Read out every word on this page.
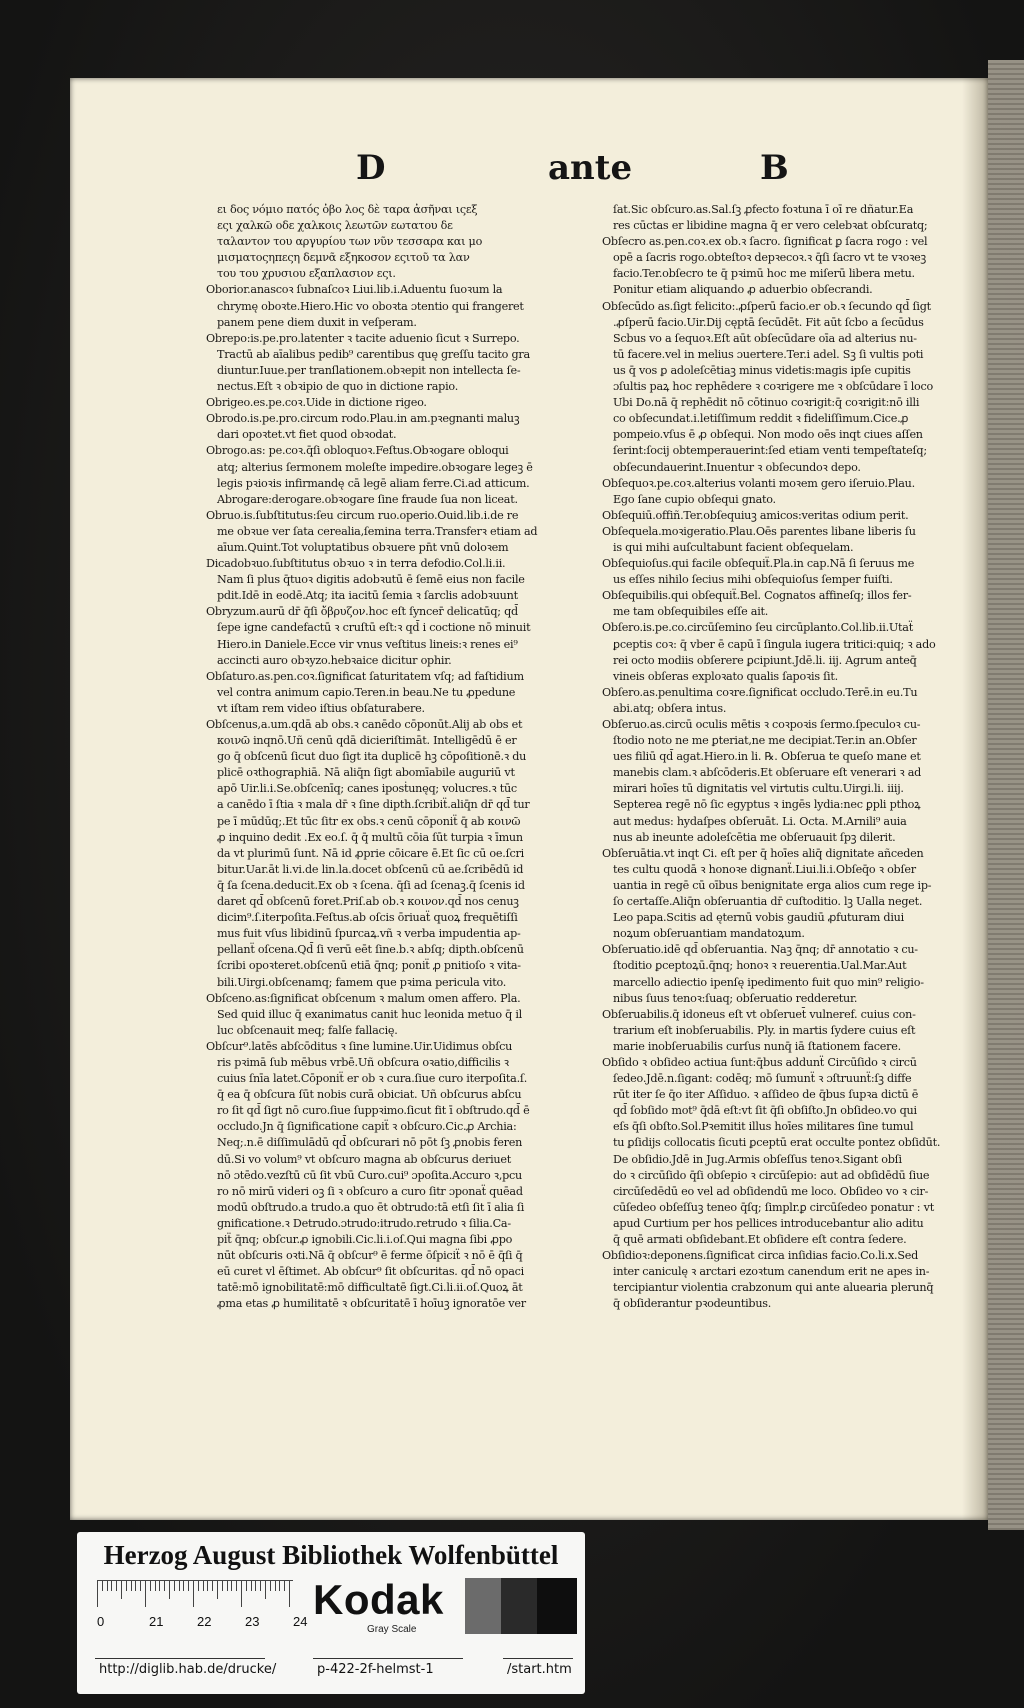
D	ante	B

ει δος νόμιο πατός ὀβο λος δὲ ταρα ἀσῆναι ιςεξ

εςι χαλκῶ οδε χαλκοις λεωτῶν εωτατου δε

ταλαντον του αργυρίου των νῦν τεσσαρα και μο

μισματοςηπεςη δεμνᾶ εξηκοσον εςιτοῦ τα λαν

του του χρυσιου εξαπλασιον εςι.

Oborior.anascoꝛ ſubnaſcoꝛ Liui.lib.i.Aduentu ſuoꝛum la

chrymę oboꝛte.Hiero.Hic vo oboꝛta ɔtentio qui frangeret

panem pene diem duxit in veſperam.

Obrepo:is.pe.pro.latenter ꝛ tacite aduenio ſicut ꝛ Surrepo.

Tractū ab aīalibus pedib⁹ carentibus quę greſſu tacito gra

diuntur.Iuue.per tranſlationem.obꝛepit non intellecta ſe-

nectus.Eſt ꝛ obꝛipio de quo in dictione rapio.

Obrigeo.es.pe.coꝛ.Uide in dictione rigeo.

Obrodo.is.pe.pro.circum rodo.Plau.in am.pꝛegnanti maluꝫ

dari opoꝛtet.vt fiet quod obꝛodat.

Obrogo.as: pe.coꝛ.q̄ſi obloquoꝛ.Feſtus.Obꝛogare obloqui

atq; alterius ſermonem moleſte impedire.obꝛogare legeꝫ ē

legis pꝛioꝛis infirmandę cā legē aliam ferre.Ci.ad atticum.

Abrogare:derogare.obꝛogare ſine fraude ſua non liceat.

Obruo.is.ſubſtitutus:ſeu circum ruo.operio.Ouid.lib.i.de re

me obꝛue ver ſata cerealia,ſemina terra.Transferꝛ etiam ad

aīum.Quint.Tot voluptatibus obꝛuere pn̄t vnū doloꝛem

Dicadobꝛuo.ſubſtitutus obꝛuo ꝛ in terra defodio.Col.li.ii.

Nam ſi plus q̄tuoꝛ digitis adobꝛutū ē ſemē eius non facile

pdit.Idē in eodē.Atq; ita iacitū ſemia ꝛ ſarclis adobꝛuunt

Obryzum.aurū dr̄ q̄ſi ὄβρυζον.hoc eſt ſyncer̄ delicatūq; qd̄

ſepe igne candefactū ꝛ cruſtū eſt:ꝛ qd̄ i coctione nō minuit

Hiero.in Daniele.Ecce vir vnus veſtitus lineis:ꝛ renes ei⁹

accincti auro obꝛyzo.hebꝛaice dicitur ophir.

Obſaturo.as.pen.coꝛ.ſignificat ſaturitatem vſq; ad faſtidium

vel contra animum capio.Teren.in beau.Ne tu ꝓpedune

vt iſtam rem video iſtius obſaturabere.

Obſcenus,a.um.qdā ab obs.ꝛ canēdo cōponūt.Alij ab obs et

κοινῶ inqnō.Uñ cenū qdā dicieriſtimāt. Intelligēdū ē er

go q̄ obſcenū ſicut duo ſigt ita duplicē hꝫ cōpoſitionē.ꝛ du

plicē oꝛthographiā. Nā aliq̄n ſigt abomīabile auguriū vt

apō Uir.li.i.Se.obſcenīq; canes iposṫunęq; volucres.ꝛ tūc

a canēdo ī ſtia ꝛ mala dr̄ ꝛ ſine dipth.ſcribiẗ.aliq̄n dr̄ qd̄ tur

pe ī mūdūq;.Et tūc ſitr ex obs.ꝛ cenū cōponiẗ q̄ ab κοινῶ

ꝓ inquino dedit .Ex eo.ſ. q̄ q̄ multū cōia ſūt turpia ꝛ īmun

da vt plurimū ſunt. Nā id ꝓprie cōicare ē.Et ſic cū oe.ſcri

bitur.Uar.āt li.vi.de lin.la.docet obſcenū cū ae.ſcribēdū id

q̄ ſa ſcena.deducit.Ex ob ꝛ ſcena. q̄ſi ad ſcenaꝫ.q̄ ſcenis id

daret qd̄ obſcenū foret.Priſ.ab ob.ꝛ κοινον.qd̄ nos cenuꝫ

dicim⁹.ſ.iterpoſita.Feſtus.ab oſcis ōriuaẗ quoꝝ frequētiſſi

mus fuit vſus libidinū ſpurcaꝝ.vñ ꝛ verba impudentia ap-

pellanẗ oſcena.Qd̄ ſi verū eēt ſine.b.ꝛ abſq; dipth.obſcenū

ſcribi opoꝛteret.obſcenū etiā q̄nq; poniẗ ꝓ pnitioſo ꝛ vita-

bili.Uirgi.obſcenamq; famem que pꝛima pericula vito.

Obſceno.as:ſignificat obſcenum ꝛ malum omen affero. Pla.

Sed quid illuc q̄ exanimatus canit huc leonida metuo q̄ il

luc obſcenauit meq; falſe fallacię.

Obſcur⁹.latēs abſcōditus ꝛ ſine lumine.Uir.Uidimus obſcu

ris pꝛimā ſub mēbus vrbē.Uñ obſcura oꝛatio,difficilis ꝛ

cuius ſnīa latet.Cōponiẗ er ob ꝛ cura.ſiue curo iterpoſita.ſ.

q̄ ea q̄ obſcura ſūt nobis curā obiciat. Uñ obſcurus abſcu

ro ſit qd̄ ſigt nō curo.ſiue ſuppꝛimo.ſicut fit ī obſtrudo.qd̄ ē

occludo.Jn q̄ ſignificatione capiẗ ꝛ obſcuro.Cic.ꝓ Archia:

Neq;.n.ē diſſimulādū qd̄ obſcurari nō pōt ſꝫ ꝓnobis feren

dū.Si vo volum⁹ vt obſcuro magna ab obſcurus deriuet

nō ɔtēdo.vezſtū cū ſit vbū Curo.cui⁹ ɔpoſita.Accuro ꝛ,pcu

ro nō mirū videri oꝫ ſi ꝛ obſcuro a curo ſitr ɔponaẗ quēad

modū obſtrudo.a trudo.a quo ēt obtrudo:tā etſi ſit ī alia ſi

gnificatione.ꝛ Detrudo.ɔtrudo:itrudo.retrudo ꝛ ſilia.Ca-

piẗ q̄nq; obſcur.ꝓ ignobili.Cic.li.i.oſ.Qui magna ſibi ꝓpo

nūt obſcuris oꝛti.Nā q̄ obſcur⁹ ē ferme ōſpiciẗ ꝛ nō ē q̄ſi q̄

eū curet vl ēſtimet. Ab obſcur⁹ ſit obſcuritas. qd̄ nō opaci

tatē:mō ignobilitatē:mō difficultatē ſigt.Ci.li.ii.oſ.Quoꝝ āt

ꝓma etas ꝓ humilitatē ꝛ obſcuritatē ī hoīuꝫ ignoratōe ver

ſat.Sic obſcuro.as.Sal.ſꝫ ꝓfecto foꝛtuna ī oī re dñatur.Ea

res cūctas er libidine magna q̄ er vero celebꝛat obſcuratq;

Obſecro as.pen.coꝛ.ex ob.ꝛ ſacro. ſignificat ꝑ ſacra rogo : vel

opē a ſacris rogo.obteſtoꝛ depꝛecoꝛ.ꝛ q̄ſi ſacro vt te vꝛoꝛeꝫ

facio.Ter.obſecro te q̄ pꝛimū hoc me miſerū libera metu.

Ponitur etiam aliquando ꝓ aduerbio obſecrandi.

Obſecūdo as.ſigt felicito:.ꝓſperū facio.er ob.ꝛ ſecundo qd̄ ſigt

.ꝓſperū facio.Uir.Dij cęptā ſecūdēt. Fit aūt ſcbo a ſecūdus

Scbus vo a ſequoꝛ.Eſt aūt obſecūdare oīa ad alterius nu-

tū facere.vel in melius ɔuertere.Ter.i adel. Sꝫ ſi vultis poti

us q̄ vos ꝑ adoleſcētiaꝫ minus videtis:magis ipſe cupitis

ɔſultis paꝝ hoc rephēdere ꝛ coꝛrigere me ꝛ obſcūdare ī loco

Ubi Do.nā q̄ rephēdit nō cōtinuo coꝛrigit:q̄ coꝛrigit:nō illi

co obſecundat.i.letiſſimum reddit ꝛ fideliſſimum.Cice.ꝓ

pompeio.vſus ē ꝓ obſequi. Non modo oēs inqt ciues aſſen

ſerint:ſocij obtemperauerint:ſed etiam venti tempeſtateſq;

obſecundauerint.Inuentur ꝛ obſecundoꝛ depo.

Obſequoꝛ.pe.coꝛ.alterius volanti moꝛem gero iſeruio.Plau.

Ego ſane cupio obſequi gnato.

Obſequiū.offiñ.Ter.obſequiuꝫ amicos:veritas odium perit.

Obſequela.moꝛigeratio.Plau.Oēs parentes libane liberis ſu

is qui mihi auſcultabunt facient obſequelam.

Obſequioſus.qui facile obſequiẗ.Pla.in cap.Nā ſi ſeruus me

us eſſes nihilo ſecius mihi obſequioſus ſemper fuiſti.

Obſequibilis.qui obſequiẗ.Bel. Cognatos affineſq; illos fer-

me tam obſequibiles eſſe ait.

Obſero.is.pe.co.circūſemino ſeu circūplanto.Col.lib.ii.Utaẗ

ꝑceptis coꝛ: q̄ vber ē capū ī ſingula iugera tritici:quiq; ꝛ ado

rei octo modiis obſerere ꝑcipiunt.Jdē.li. iij. Agrum anteq̄

vineis obſeras exploꝛato qualis ſapoꝛis ſit.

Obſero.as.penultima coꝛre.ſignificat occludo.Terē.in eu.Tu

abi.atq; obſera intus.

Obſeruo.as.circū oculis mētis ꝛ coꝛpoꝛis ſermo.ſpeculoꝛ cu-

ſtodio noto ne me ꝑteriat,ne me decipiat.Ter.in an.Obſer

ues filiū qd̄ agat.Hiero.in li. ℞. Obſerua te queſo mane et

manebis clam.ꝛ abſcōderis.Et obſeruare eſt venerari ꝛ ad

mirari hoīes tū dignitatis vel virtutis cultu.Uirgi.li. iiij.

Septerea regē nō ſic egyptus ꝛ ingēs lydia:nec ꝑpli pthoꝝ

aut medus: hydaſpes obſeruāt. Li. Octa. M.Arnili⁹ auia

nus ab ineunte adoleſcētia me obſeruauit ſpꝫ dilerit.

Obſeruātia.vt inqt Ci. eſt per q̄ hoīes aliq̄ dignitate añceden

tes cultu quodā ꝛ honoꝛe dignanẗ.Liui.li.i.Obſeq̄o ꝛ obſer

uantia in regē cū oībus benignitate erga alios cum rege ip-

ſo certaſſe.Aliq̄n obſeruantia dr̄ cuſtoditio. lꝫ Ualla neget.

Leo papa.Scitis ad ęternū vobis gaudiū ꝓfuturam diui

noꝝum obſeruantiam mandatoꝝum.

Obſeruatio.idē qd̄ obſeruantia. Naꝫ q̄nq; dr̄ annotatio ꝛ cu-

ſtoditio ꝑceptoꝝū.q̄nq; honoꝛ ꝛ reuerentia.Ual.Mar.Aut

marcello adiectio ipenſę ipedimento fuit quo min⁹ religio-

nibus ſuus tenoꝛ:ſuaq; obſeruatio redderetur.

Obſeruabilis.q̄ idoneus eſt vt obſeruet̄ vulneref. cuius con-

trarium eſt inobſeruabilis. Ply. in martis ſydere cuius eſt

marie inobſeruabilis curſus nunq̄ iā ſtationem facere.

Obſido ꝛ obſideo actiua ſunt:q̄bus addunẗ Circūſido ꝛ circū

ſedeo.Jdē.n.ſigant: codēq; mō ſumunẗ ꝛ ɔſtruunẗ:ſꝫ diffe

rūt iter ſe q̄o iter Aſſiduo. ꝛ aſſideo de q̄bus ſupꝛa dictū ē

qd̄ ſobſido mot⁹ q̄dā eſt:vt ſit q̄ſi obſiſto.Jn obſideo.vo qui

eſs q̄ſi obſto.Sol.Pꝛemitit illus hoīes militares ſine tumul

tu ꝑſidijs collocatis ſicuti ꝑceptū erat occulte pontez obſidūt.

De obſidio.Jdē in Jug.Armis obſeſſus tenoꝛ.Sigant obſi

do ꝛ circūſido q̄ſi obſepio ꝛ circūſepio: aut ad obſidēdū ſiue

circūſedēdū eo vel ad obſidendū me loco. Obſideo vo ꝛ cir-

cūſedeo obſeſſuꝫ teneo q̄ſq; ſimplr.ꝑ circūſedeo ponatur : vt

apud Curtium per hos pellices introducebantur alio aditu

q̄ quē armati obſidebant.Et obſidere eſt contra ſedere.

Obſidioꝛ:deponens.ſignificat circa inſidias facio.Co.li.x.Sed

inter caniculę ꝛ arctari ezoꝛtum canendum erit ne apes in-

tercipiantur violentia crabzonum qui ante aluearia plerunq̄

q̄ obſiderantur pꝛodeuntibus.

Herzog August Bibliothek Wolfenbüttel
0	21	22	23	24 Kodak
Gray Scale
http://diglib.hab.de/drucke/	p-422-2f-helmst-1	/start.htm
